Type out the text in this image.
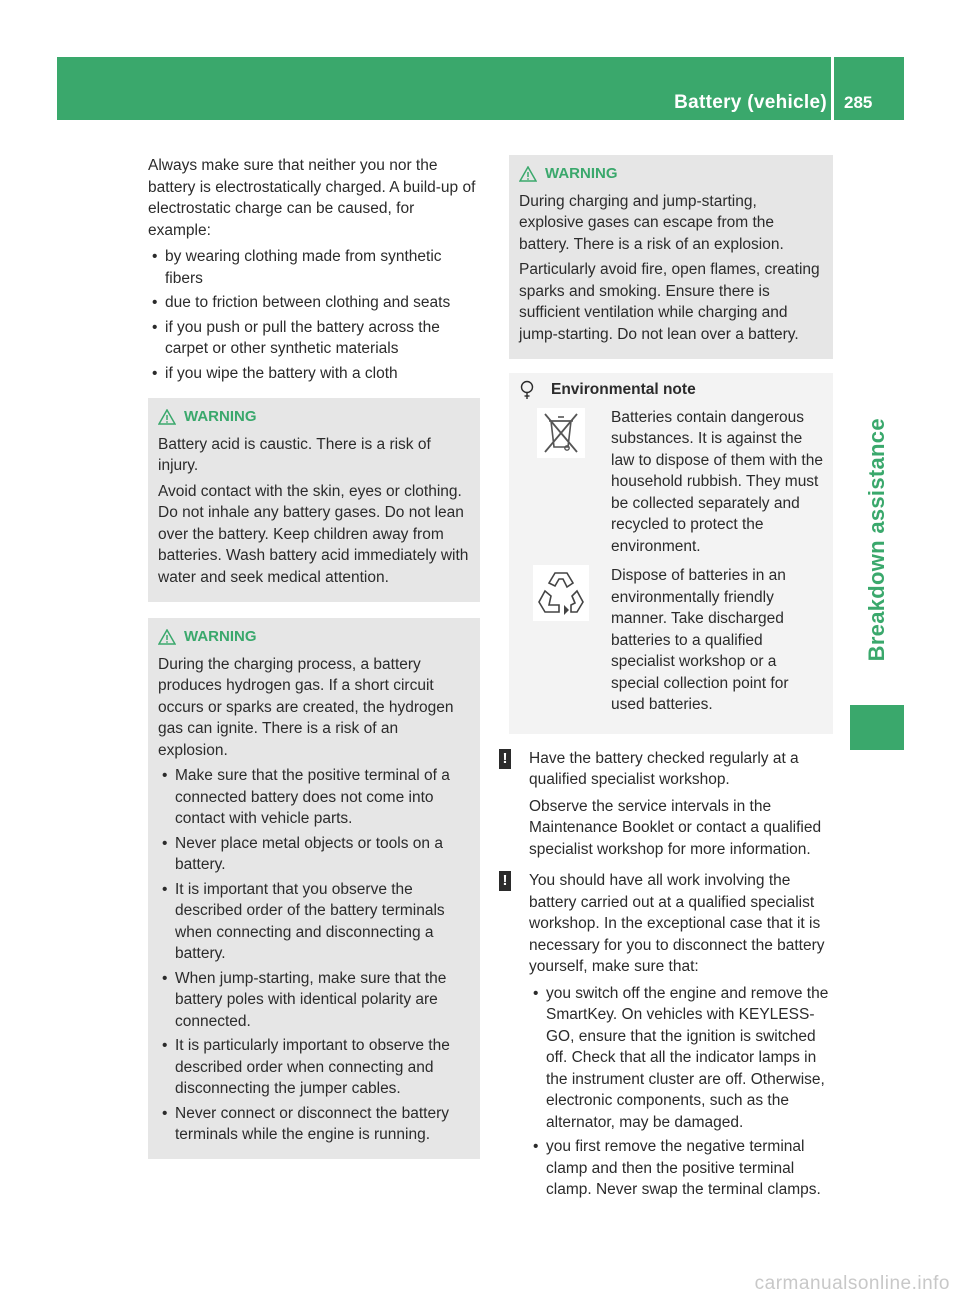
Battery (vehicle) 285
Breakdown assistance

Always make sure that neither you nor the battery is electrostatically charged. A build-up of electrostatic charge can be caused, for example:

• by wearing clothing made from synthetic fibers
• due to friction between clothing and seats
• if you push or pull the battery across the carpet or other synthetic materials
• if you wipe the battery with a cloth
WARNING

Battery acid is caustic. There is a risk of injury.

Avoid contact with the skin, eyes or clothing. Do not inhale any battery gases. Do not lean over the battery. Keep children away from batteries. Wash battery acid immediately with water and seek medical attention.

WARNING

During the charging process, a battery produces hydrogen gas. If a short circuit occurs or sparks are created, the hydrogen gas can ignite. There is a risk of an explosion.

• Make sure that the positive terminal of a connected battery does not come into contact with vehicle parts.
• Never place metal objects or tools on a battery.
• It is important that you observe the described order of the battery terminals when connecting and disconnecting a battery.
• When jump-starting, make sure that the battery poles with identical polarity are connected.
• It is particularly important to observe the described order when connecting and disconnecting the jumper cables.
• Never connect or disconnect the battery terminals while the engine is running.
WARNING

During charging and jump-starting, explosive gases can escape from the battery. There is a risk of an explosion.

Particularly avoid fire, open flames, creating sparks and smoking. Ensure there is sufficient ventilation while charging and jump-starting. Do not lean over a battery.

Environmental note
Batteries contain dangerous substances. It is against the law to dispose of them with the household rubbish. They must be collected separately and recycled to protect the environment.
Dispose of batteries in an environmentally friendly manner. Take discharged batteries to a qualified specialist workshop or a special collection point for used batteries.
! Have the battery checked regularly at a qualified specialist workshop.

Observe the service intervals in the Maintenance Booklet or contact a qualified specialist workshop for more information.

! You should have all work involving the battery carried out at a qualified specialist workshop. In the exceptional case that it is necessary for you to disconnect the battery yourself, make sure that:

• you switch off the engine and remove the SmartKey. On vehicles with KEYLESS-GO, ensure that the ignition is switched off. Check that all the indicator lamps in the instrument cluster are off. Otherwise, electronic components, such as the alternator, may be damaged.
• you first remove the negative terminal clamp and then the positive terminal clamp. Never swap the terminal clamps.
carmanualsonline.info
